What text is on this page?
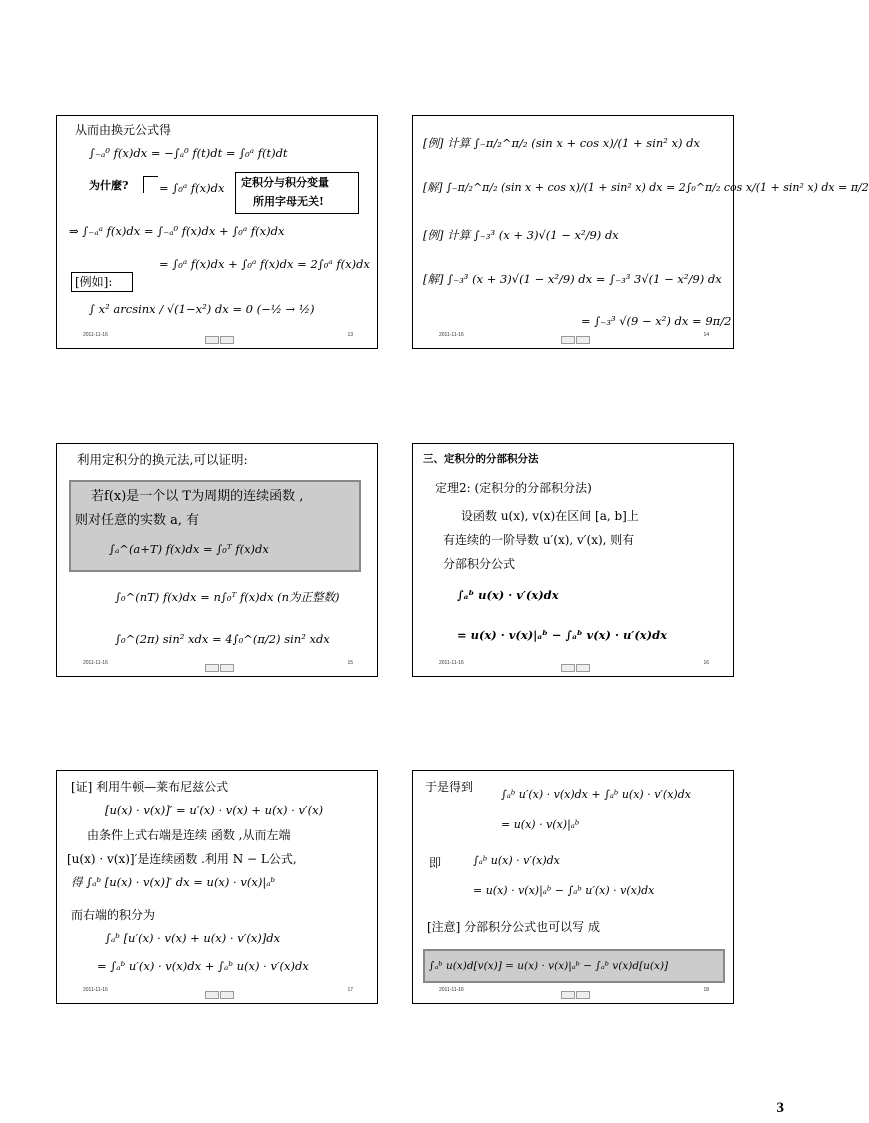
从而由换元公式得
∫₋ₐ⁰ f(x)dx = −∫ₐ⁰ f(t)dt = ∫₀ᵃ f(t)dt
为什麼?	= ∫₀ᵃ f(x)dx 定积分与积分变量
所用字母无关!
⇒ ∫₋ₐᵃ f(x)dx = ∫₋ₐ⁰ f(x)dx + ∫₀ᵃ f(x)dx
= ∫₀ᵃ f(x)dx + ∫₀ᵃ f(x)dx = 2∫₀ᵃ f(x)dx
[例如]:
∫ x² arcsinx / √(1−x²) dx = 0 (−½ → ½)
2011-11-16	13
[例] 计算 ∫₋π/₂^π/₂ (sin x + cos x)/(1 + sin² x) dx
[解] ∫₋π/₂^π/₂ (sin x + cos x)/(1 + sin² x) dx = 2∫₀^π/₂ cos x/(1 + sin² x) dx = π/2
[例] 计算 ∫₋₃³ (x + 3)√(1 − x²/9) dx
[解] ∫₋₃³ (x + 3)√(1 − x²/9) dx = ∫₋₃³ 3√(1 − x²/9) dx
= ∫₋₃³ √(9 − x²) dx = 9π/2
2011-11-16	14
利用定积分的换元法,可以证明:
若f(x)是一个以 T为周期的连续函数 ,
则对任意的实数 a, 有
∫ₐ^(a+T) f(x)dx = ∫₀ᵀ f(x)dx
∫₀^(nT) f(x)dx = n∫₀ᵀ f(x)dx (n为正整数)
∫₀^(2π) sin² xdx = 4∫₀^(π/2) sin² xdx
2011-11-16	15
三、定积分的分部积分法
定理2: (定积分的分部积分法)
设函数 u(x), v(x)在区间 [a, b]上
有连续的一阶导数 u′(x), v′(x), 则有
分部积分公式
∫ₐᵇ u(x) · v′(x)dx
= u(x) · v(x)|ₐᵇ − ∫ₐᵇ v(x) · u′(x)dx
2011-11-16	16
[证] 利用牛顿—莱布尼兹公式
[u(x) · v(x)]′ = u′(x) · v(x) + u(x) · v′(x)
由条件上式右端是连续 函数 ,从而左端
[u(x) · v(x)]′是连续函数 .利用 N − L公式,
得 ∫ₐᵇ [u(x) · v(x)]′ dx = u(x) · v(x)|ₐᵇ
而右端的积分为
∫ₐᵇ [u′(x) · v(x) + u(x) · v′(x)]dx
= ∫ₐᵇ u′(x) · v(x)dx + ∫ₐᵇ u(x) · v′(x)dx
2011-11-16	17
于是得到
∫ₐᵇ u′(x) · v(x)dx + ∫ₐᵇ u(x) · v′(x)dx
= u(x) · v(x)|ₐᵇ
即	∫ₐᵇ u(x) · v′(x)dx
= u(x) · v(x)|ₐᵇ − ∫ₐᵇ u′(x) · v(x)dx
[注意] 分部积分公式也可以写 成
∫ₐᵇ u(x)d[v(x)] = u(x) · v(x)|ₐᵇ − ∫ₐᵇ v(x)d[u(x)]
2011-11-16	18
3
